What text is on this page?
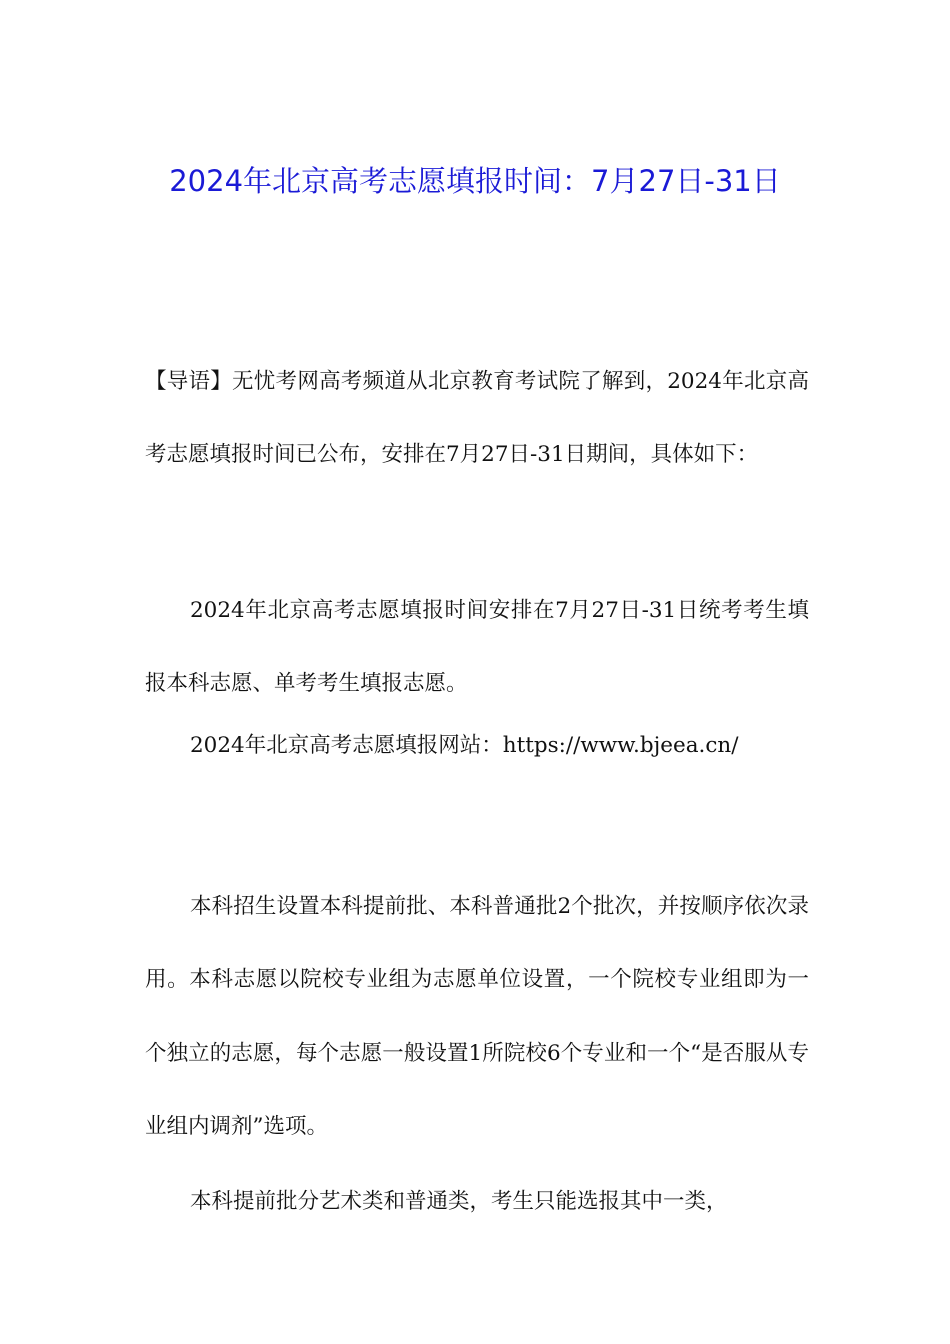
2024年北京高考志愿填报时间：7月27日-31日

【导语】无忧考网高考频道从北京教育考试院了解到，2024年北京高考志愿填报时间已公布，安排在7月27日-31日期间，具体如下：

2024年北京高考志愿填报时间安排在7月27日-31日统考考生填报本科志愿、单考考生填报志愿。

2024年北京高考志愿填报网站：https://www.bjeea.cn/

本科招生设置本科提前批、本科普通批2个批次，并按顺序依次录用。本科志愿以院校专业组为志愿单位设置，一个院校专业组即为一个独立的志愿，每个志愿一般设置1所院校6个专业和一个“是否服从专业组内调剂”选项。

本科提前批分艺术类和普通类，考生只能选报其中一类，
